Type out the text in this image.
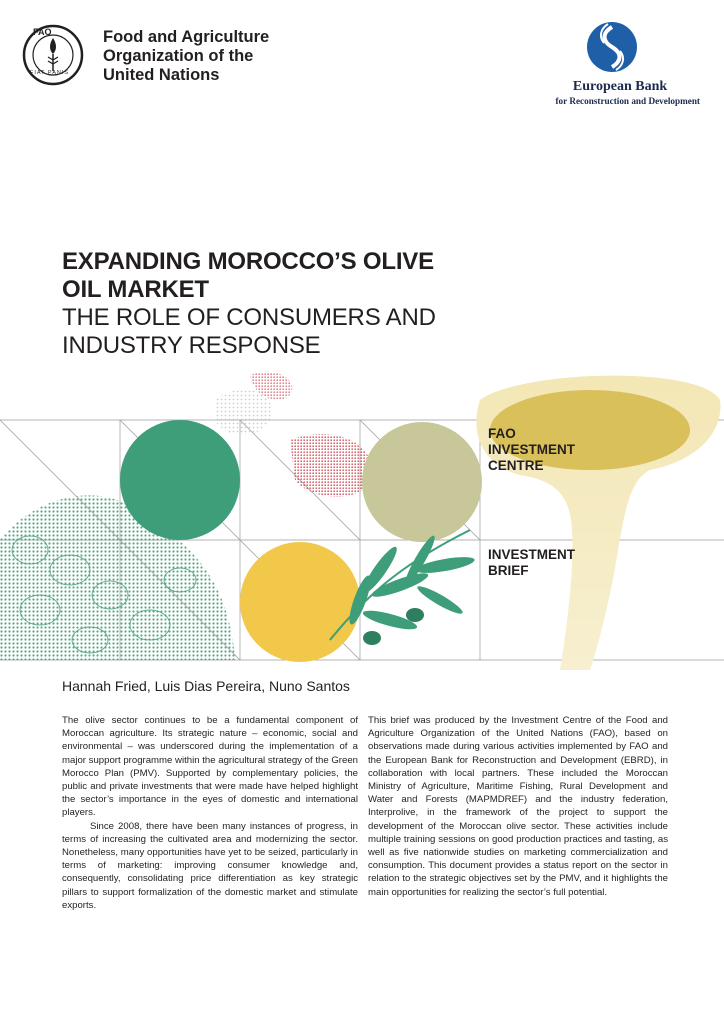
FAO
FIAT PANIS
Food and Agriculture
Organization of the
United Nations
European Bank
for Reconstruction and Development
EXPANDING MOROCCO’S OLIVE
OIL MARKET
THE ROLE OF CONSUMERS AND
INDUSTRY RESPONSE
FAO
INVESTMENT
CENTRE
INVESTMENT
BRIEF
Hannah Fried, Luis Dias Pereira, Nuno Santos

The olive sector continues to be a fundamental component of Moroccan agriculture. Its strategic nature – economic, social and environmental – was underscored during the implementation of a major support programme within the agricultural strategy of the Green Morocco Plan (PMV). Supported by complementary policies, the public and private investments that were made have helped highlight the sector’s importance in the eyes of domestic and international players.

Since 2008, there have been many instances of progress, in terms of increasing the cultivated area and modernizing the sector. Nonetheless, many opportunities have yet to be seized, particularly in terms of marketing: improving consumer knowledge and, consequently, consolidating price differentiation as key strategic pillars to support formalization of the domestic market and stimulate exports.

This brief was produced by the Investment Centre of the Food and Agriculture Organization of the United Nations (FAO), based on observations made during various activities implemented by FAO and the European Bank for Reconstruction and Development (EBRD), in collaboration with local partners. These included the Moroccan Ministry of Agriculture, Maritime Fishing, Rural Development and Water and Forests (MAPMDREF) and the industry federation, Interprolive, in the framework of the project to support the development of the Moroccan olive sector. These activities include multiple training sessions on good production practices and tasting, as well as five nationwide studies on marketing commercialization and consumption. This document provides a status report on the sector in relation to the strategic objectives set by the PMV, and it highlights the main opportunities for realizing the sector’s full potential.
